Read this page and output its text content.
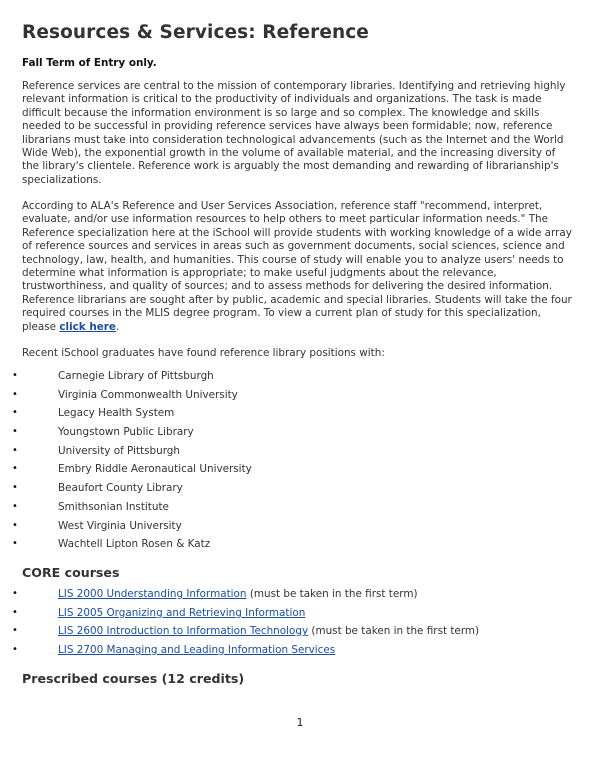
Resources & Services: Reference

Fall Term of Entry only.

Reference services are central to the mission of contemporary libraries. Identifying and retrieving highly relevant information is critical to the productivity of individuals and organizations. The task is made difficult because the information environment is so large and so complex. The knowledge and skills needed to be successful in providing reference services have always been formidable; now, reference librarians must take into consideration technological advancements (such as the Internet and the World Wide Web), the exponential growth in the volume of available material, and the increasing diversity of the library's clientele. Reference work is arguably the most demanding and rewarding of librarianship's specializations.

According to ALA's Reference and User Services Association, reference staff "recommend, interpret, evaluate, and/or use information resources to help others to meet particular information needs." The Reference specialization here at the iSchool will provide students with working knowledge of a wide array of reference sources and services in areas such as government documents, social sciences, science and technology, law, health, and humanities. This course of study will enable you to analyze users' needs to determine what information is appropriate; to make useful judgments about the relevance, trustworthiness, and quality of sources; and to assess methods for delivering the desired information. Reference librarians are sought after by public, academic and special libraries. Students will take the four required courses in the MLIS degree program. To view a current plan of study for this specialization, please click here.

Recent iSchool graduates have found reference library positions with:

•	Carnegie Library of Pittsburgh
•	Virginia Commonwealth University
•	Legacy Health System
•	Youngstown Public Library
•	University of Pittsburgh
•	Embry Riddle Aeronautical University
•	Beaufort County Library
•	Smithsonian Institute
•	West Virginia University
•	Wachtell Lipton Rosen & Katz
CORE courses
•	LIS 2000 Understanding Information (must be taken in the first term)
•	LIS 2005 Organizing and Retrieving Information
•	LIS 2600 Introduction to Information Technology (must be taken in the first term)
•	LIS 2700 Managing and Leading Information Services
Prescribed courses (12 credits)
1
